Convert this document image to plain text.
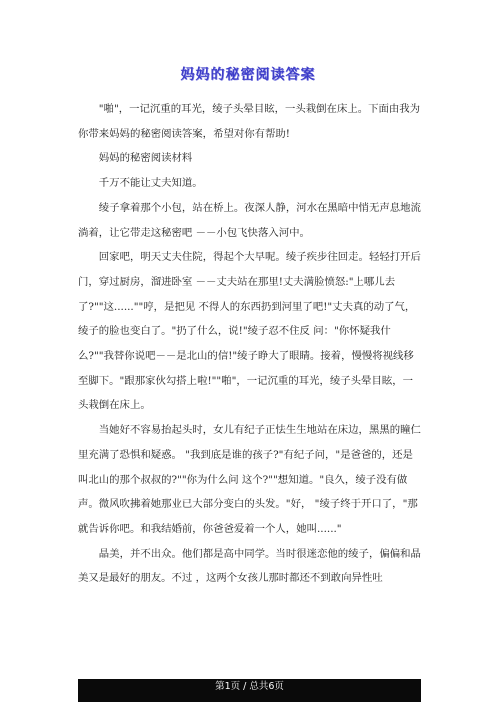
妈妈的秘密阅读答案

"啪"，一记沉重的耳光，绫子头晕目眩，一头栽倒在床上。下面由我为你带来妈妈的秘密阅读答案，希望对你有帮助!

妈妈的秘密阅读材料

千万不能让丈夫知道。

绫子拿着那个小包，站在桥上。夜深人静，河水在黑暗中悄无声息地流淌着，让它带走这秘密吧 －－小包飞快落入河中。

回家吧，明天丈夫住院，得起个大早呢。绫子疾步往回走。轻轻打开后门，穿过厨房，溜进卧室 －－丈夫站在那里!丈夫满脸愤怒:"上哪儿去了?""这......""哼，是把见 不得人的东西扔到河里了吧!"丈夫真的动了气，绫子的脸也变白了。"扔了什么，说!"绫子忍不住反 问："你怀疑我什么?""我替你说吧－－是北山的信!"绫子睁大了眼睛。接着，慢慢将视线移 至脚下。"跟那家伙勾搭上啦!""啪"，一记沉重的耳光，绫子头晕目眩，一头栽倒在床上。

当她好不容易抬起头时，女儿有纪子正怯生生地站在床边，黑黑的瞳仁里充满了恐惧和疑惑。 "我到底是谁的孩子?"有纪子问，"是爸爸的，还是叫北山的那个叔叔的?""你为什么问 这个?""想知道。"良久，绫子没有做声。微风吹拂着她那业已大部分变白的头发。"好， "绫子终于开口了，"那就告诉你吧。和我结婚前，你爸爸爱着一个人，她叫......"

晶美，并不出众。他们都是高中同学。当时很迷恋他的绫子，偏偏和晶美又是最好的朋友。不过 ，这两个女孩儿那时都还不到敢向异性吐

第1页 / 总共6页
